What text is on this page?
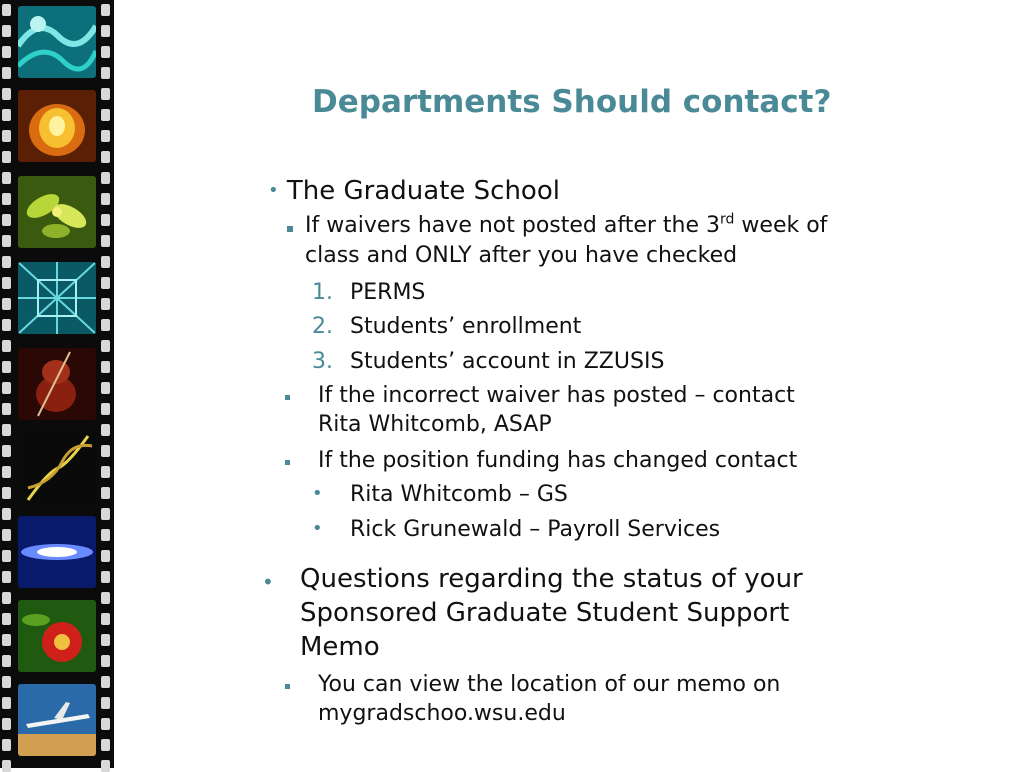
Departments Should contact?
• The Graduate School
If waivers have not posted after the 3rd week of
class and ONLY after you have checked
1. PERMS
2. Students’ enrollment
3. Students’ account in ZZUSIS
If the incorrect waiver has posted – contact
Rita Whitcomb, ASAP
If the position funding has changed contact
• Rita Whitcomb – GS
• Rick Grunewald – Payroll Services
• Questions regarding the status of your
Sponsored Graduate Student Support
Memo
You can view the location of our memo on
mygradschoo.wsu.edu
